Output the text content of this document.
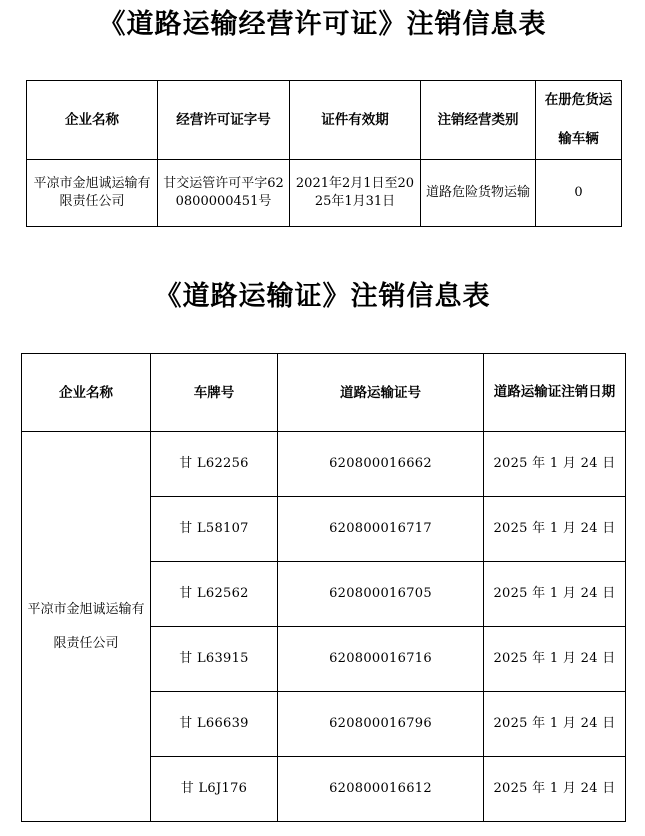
《道路运输经营许可证》注销信息表
企业名称	经营许可证字号	证件有效期	注销经营类别	在册危货运输车辆
平凉市金旭诚运输有限责任公司	甘交运管许可平字620800000451号	2021年2月1日至2025年1月31日	道路危险货物运输	0
《道路运输证》注销信息表
企业名称	车牌号	道路运输证号	道路运输证注销日期
平凉市金旭诚运输有限责任公司	甘 L62256	620800016662	2025 年 1 月 24 日
	甘 L58107	620800016717	2025 年 1 月 24 日
	甘 L62562	620800016705	2025 年 1 月 24 日
	甘 L63915	620800016716	2025 年 1 月 24 日
	甘 L66639	620800016796	2025 年 1 月 24 日
	甘 L6J176	620800016612	2025 年 1 月 24 日
